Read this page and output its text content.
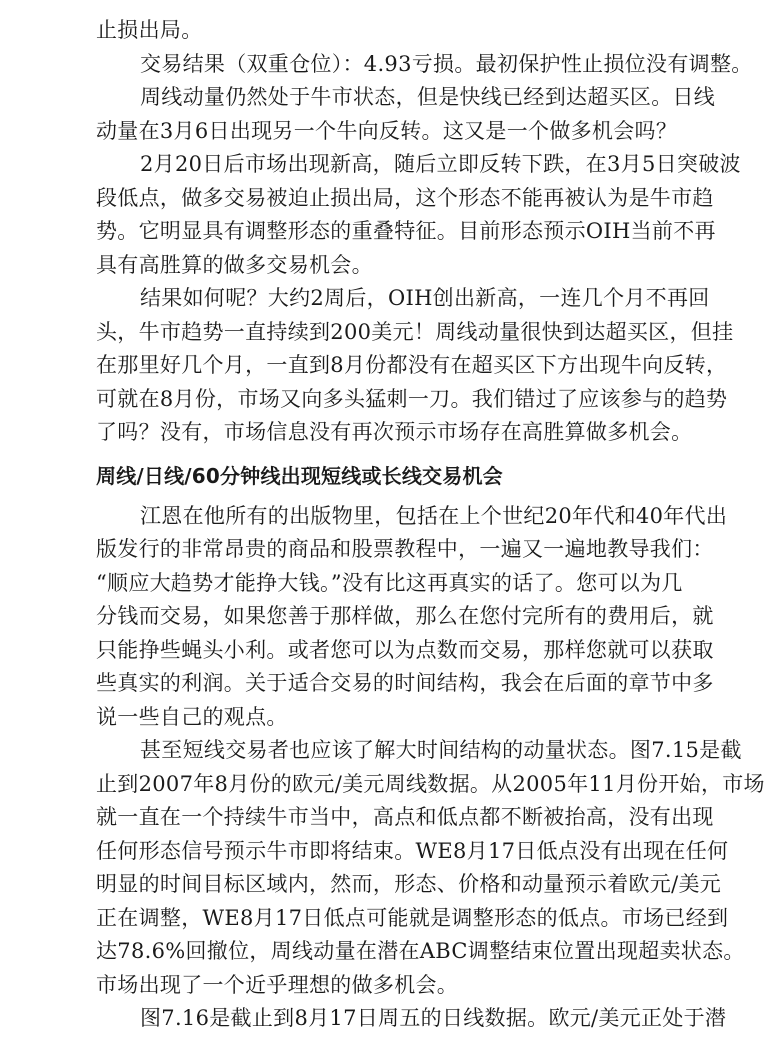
止损出局。
交易结果（双重仓位）：4.93亏损。最初保护性止损位没有调整。
周线动量仍然处于牛市状态，但是快线已经到达超买区。日线
动量在3月6日出现另一个牛向反转。这又是一个做多机会吗？
2月20日后市场出现新高，随后立即反转下跌，在3月5日突破波
段低点，做多交易被迫止损出局，这个形态不能再被认为是牛市趋
势。它明显具有调整形态的重叠特征。目前形态预示OIH当前不再
具有高胜算的做多交易机会。
结果如何呢？大约2周后，OIH创出新高，一连几个月不再回
头，牛市趋势一直持续到200美元！周线动量很快到达超买区，但挂
在那里好几个月，一直到8月份都没有在超买区下方出现牛向反转，
可就在8月份，市场又向多头猛刺一刀。我们错过了应该参与的趋势
了吗？没有，市场信息没有再次预示市场存在高胜算做多机会。
周线/日线/60分钟线出现短线或长线交易机会
江恩在他所有的出版物里，包括在上个世纪20年代和40年代出
版发行的非常昂贵的商品和股票教程中，一遍又一遍地教导我们：
“顺应大趋势才能挣大钱。”没有比这再真实的话了。您可以为几
分钱而交易，如果您善于那样做，那么在您付完所有的费用后，就
只能挣些蝇头小利。或者您可以为点数而交易，那样您就可以获取
些真实的利润。关于适合交易的时间结构，我会在后面的章节中多
说一些自己的观点。
甚至短线交易者也应该了解大时间结构的动量状态。图7.15是截
止到2007年8月份的欧元/美元周线数据。从2005年11月份开始，市场
就一直在一个持续牛市当中，高点和低点都不断被抬高，没有出现
任何形态信号预示牛市即将结束。WE8月17日低点没有出现在任何
明显的时间目标区域内，然而，形态、价格和动量预示着欧元/美元
正在调整，WE8月17日低点可能就是调整形态的低点。市场已经到
达78.6%回撤位，周线动量在潜在ABC调整结束位置出现超卖状态。
市场出现了一个近乎理想的做多机会。
图7.16是截止到8月17日周五的日线数据。欧元/美元正处于潜
